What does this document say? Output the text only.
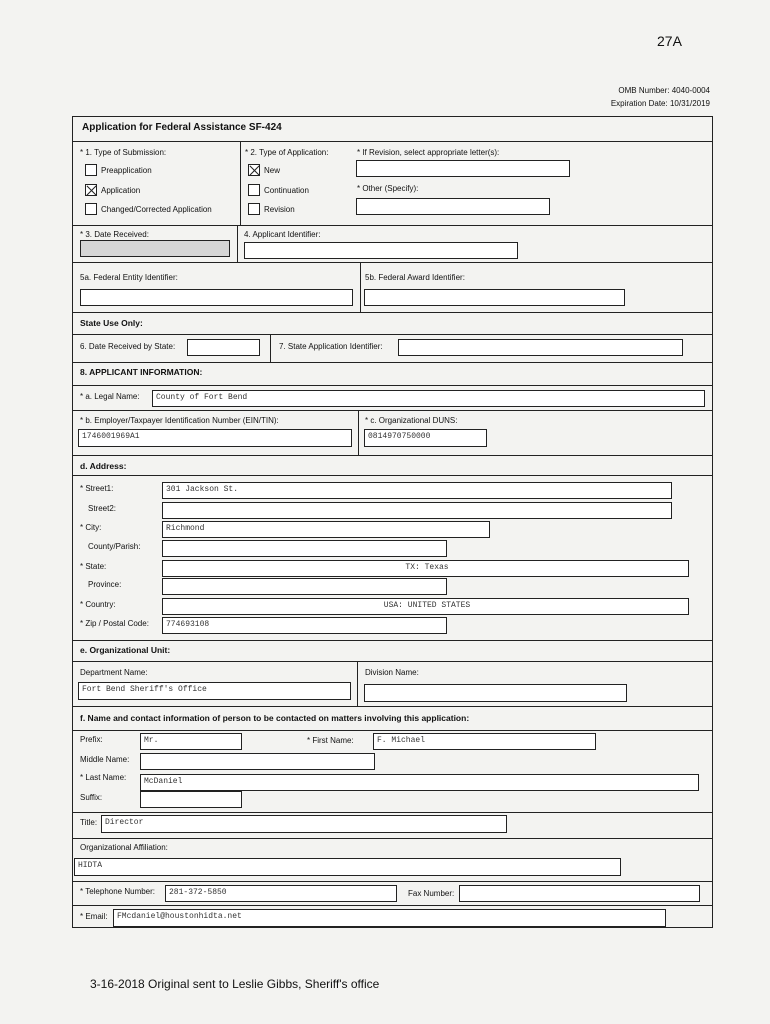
27A
OMB Number: 4040-0004
Expiration Date: 10/31/2019
Application for Federal Assistance SF-424
* 1. Type of Submission:
Preapplication
Application
Changed/Corrected Application
* 2. Type of Application:
New
Continuation
Revision
* If Revision, select appropriate letter(s):
* Other (Specify):
* 3. Date Received:	4. Applicant Identifier:
5a. Federal Entity Identifier:	5b. Federal Award Identifier:
State Use Only:
6. Date Received by State:	7. State Application Identifier:
8. APPLICANT INFORMATION:
* a. Legal Name:	County of Fort Bend
* b. Employer/Taxpayer Identification Number (EIN/TIN):
1746001969A1
* c. Organizational DUNS:
0814970750000
d. Address:
* Street1:	301 Jackson St.
Street2:
* City:	Richmond
County/Parish:
* State:	TX: Texas
Province:
* Country:	USA: UNITED STATES
* Zip / Postal Code:	774693108
e. Organizational Unit:
Department Name:
Fort Bend Sheriff's Office
Division Name:
f. Name and contact information of person to be contacted on matters involving this application:
Prefix:	Mr.	* First Name:	F. Michael
Middle Name:
* Last Name:	McDaniel
Suffix:
Title: Director
Organizational Affiliation:
HIDTA
* Telephone Number:	281-372-5850	Fax Number:
* Email:	FMcdaniel@houstonhidta.net
3-16-2018 Original sent to Leslie Gibbs, Sheriff's office
